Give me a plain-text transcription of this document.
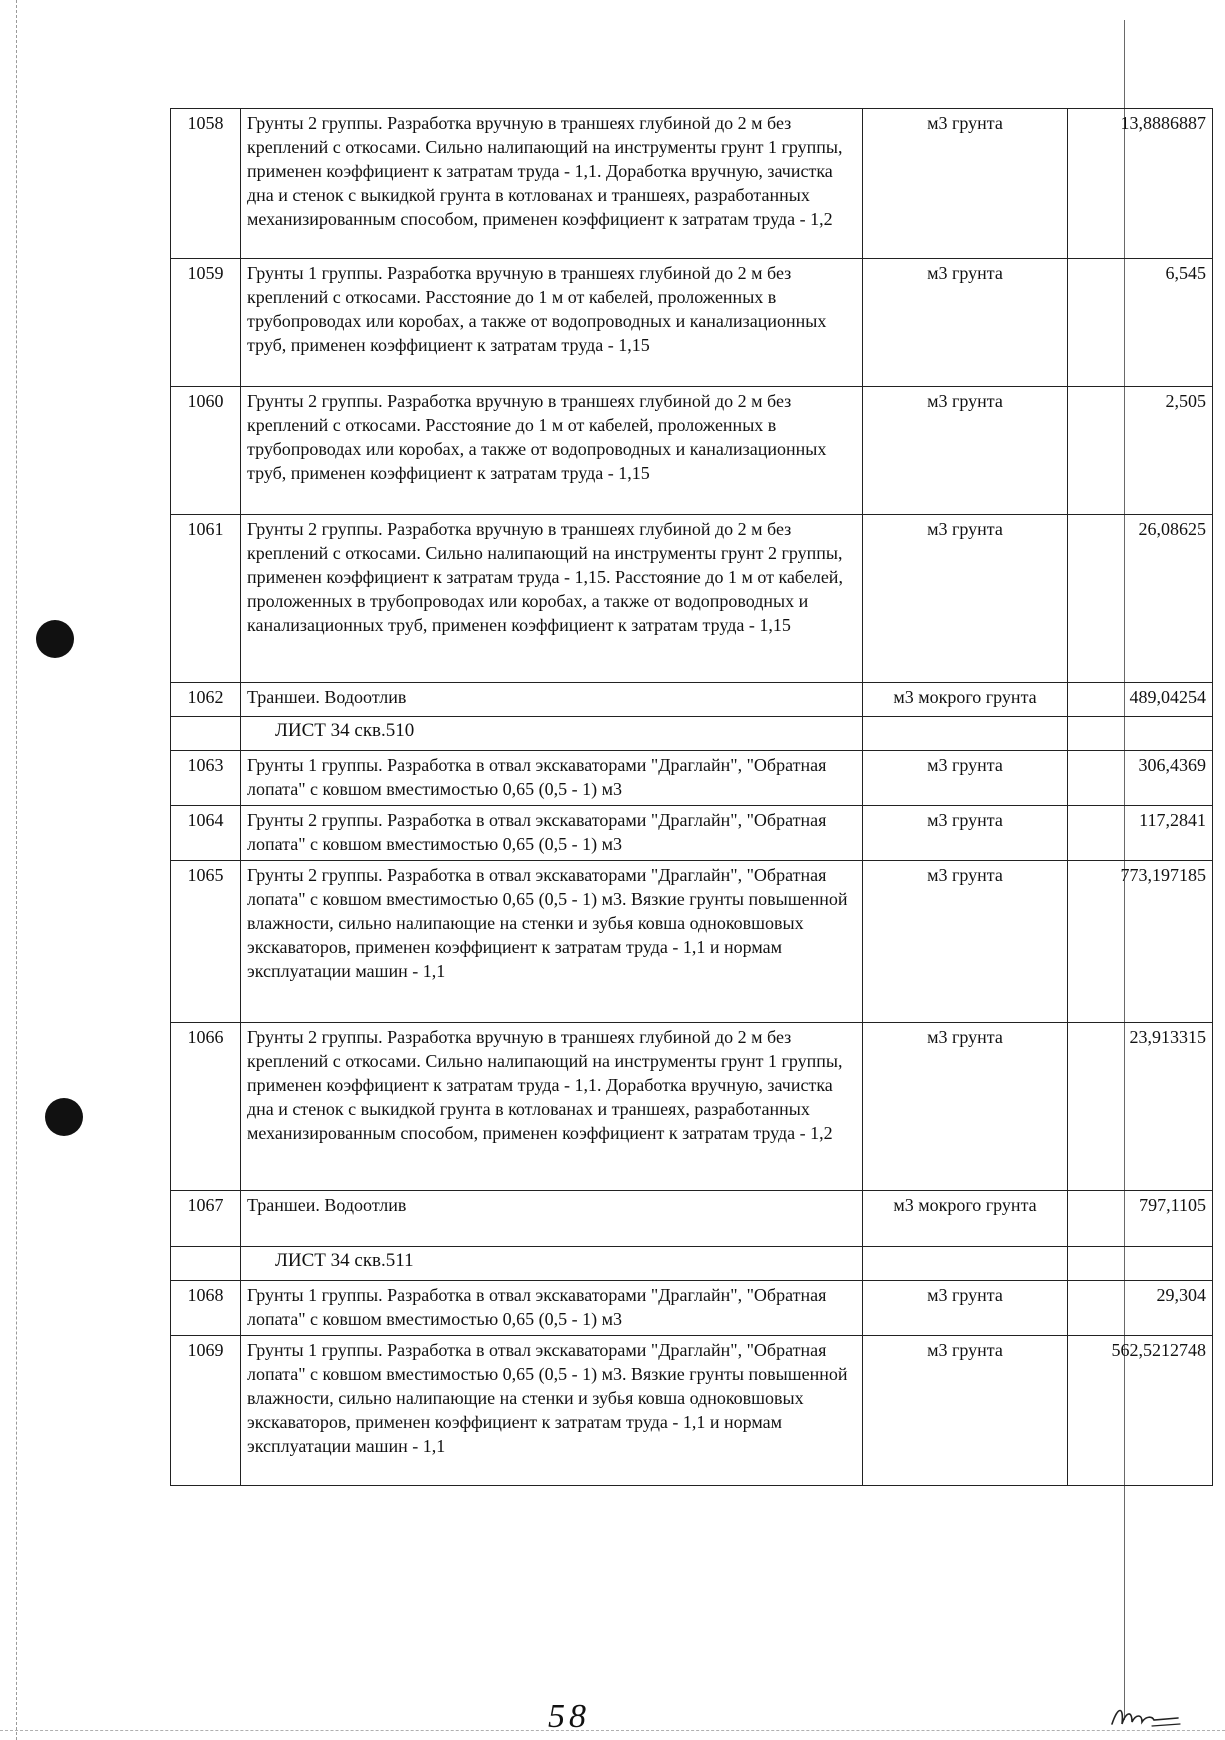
1058	Грунты 2 группы. Разработка вручную в траншеях глубиной до 2 м без креплений с откосами. Сильно налипающий на инструменты грунт 1 группы, применен коэффициент к затратам труда - 1,1. Доработка вручную, зачистка дна и стенок с выкидкой грунта в котлованах и траншеях, разработанных механизированным способом, применен коэффициент к затратам труда - 1,2	м3 грунта	13,8886887
1059	Грунты 1 группы. Разработка вручную в траншеях глубиной до 2 м без креплений с откосами. Расстояние до 1 м от кабелей, проложенных в трубопроводах или коробах, а также от водопроводных и канализационных труб, применен коэффициент к затратам труда - 1,15	м3 грунта	6,545
1060	Грунты 2 группы. Разработка вручную в траншеях глубиной до 2 м без креплений с откосами. Расстояние до 1 м от кабелей, проложенных в трубопроводах или коробах, а также от водопроводных и канализационных труб, применен коэффициент к затратам труда - 1,15	м3 грунта	2,505
1061	Грунты 2 группы. Разработка вручную в траншеях глубиной до 2 м без креплений с откосами. Сильно налипающий на инструменты грунт 2 группы, применен коэффициент к затратам труда - 1,15. Расстояние до 1 м от кабелей, проложенных в трубопроводах или коробах, а также от водопроводных и канализационных труб, применен коэффициент к затратам труда - 1,15	м3 грунта	26,08625
1062	Траншеи. Водоотлив	м3 мокрого грунта	489,04254
	ЛИСТ 34 скв.510		
1063	Грунты 1 группы. Разработка в отвал экскаваторами "Драглайн", "Обратная лопата" с ковшом вместимостью 0,65 (0,5 - 1) м3	м3 грунта	306,4369
1064	Грунты 2 группы. Разработка в отвал экскаваторами "Драглайн", "Обратная лопата" с ковшом вместимостью 0,65 (0,5 - 1) м3	м3 грунта	117,2841
1065	Грунты 2 группы. Разработка в отвал экскаваторами "Драглайн", "Обратная лопата" с ковшом вместимостью 0,65 (0,5 - 1) м3. Вязкие грунты повышенной влажности, сильно налипающие на стенки и зубья ковша одноковшовых экскаваторов, применен коэффициент к затратам труда - 1,1 и нормам эксплуатации машин - 1,1	м3 грунта	773,197185
1066	Грунты 2 группы. Разработка вручную в траншеях глубиной до 2 м без креплений с откосами. Сильно налипающий на инструменты грунт 1 группы, применен коэффициент к затратам труда - 1,1. Доработка вручную, зачистка дна и стенок с выкидкой грунта в котлованах и траншеях, разработанных механизированным способом, применен коэффициент к затратам труда - 1,2	м3 грунта	23,913315
1067	Траншеи. Водоотлив	м3 мокрого грунта	797,1105
	ЛИСТ 34 скв.511		
1068	Грунты 1 группы. Разработка в отвал экскаваторами "Драглайн", "Обратная лопата" с ковшом вместимостью 0,65 (0,5 - 1) м3	м3 грунта	29,304
1069	Грунты 1 группы. Разработка в отвал экскаваторами "Драглайн", "Обратная лопата" с ковшом вместимостью 0,65 (0,5 - 1) м3. Вязкие грунты повышенной влажности, сильно налипающие на стенки и зубья ковша одноковшовых экскаваторов, применен коэффициент к затратам труда - 1,1 и нормам эксплуатации машин - 1,1	м3 грунта	562,5212748
58
